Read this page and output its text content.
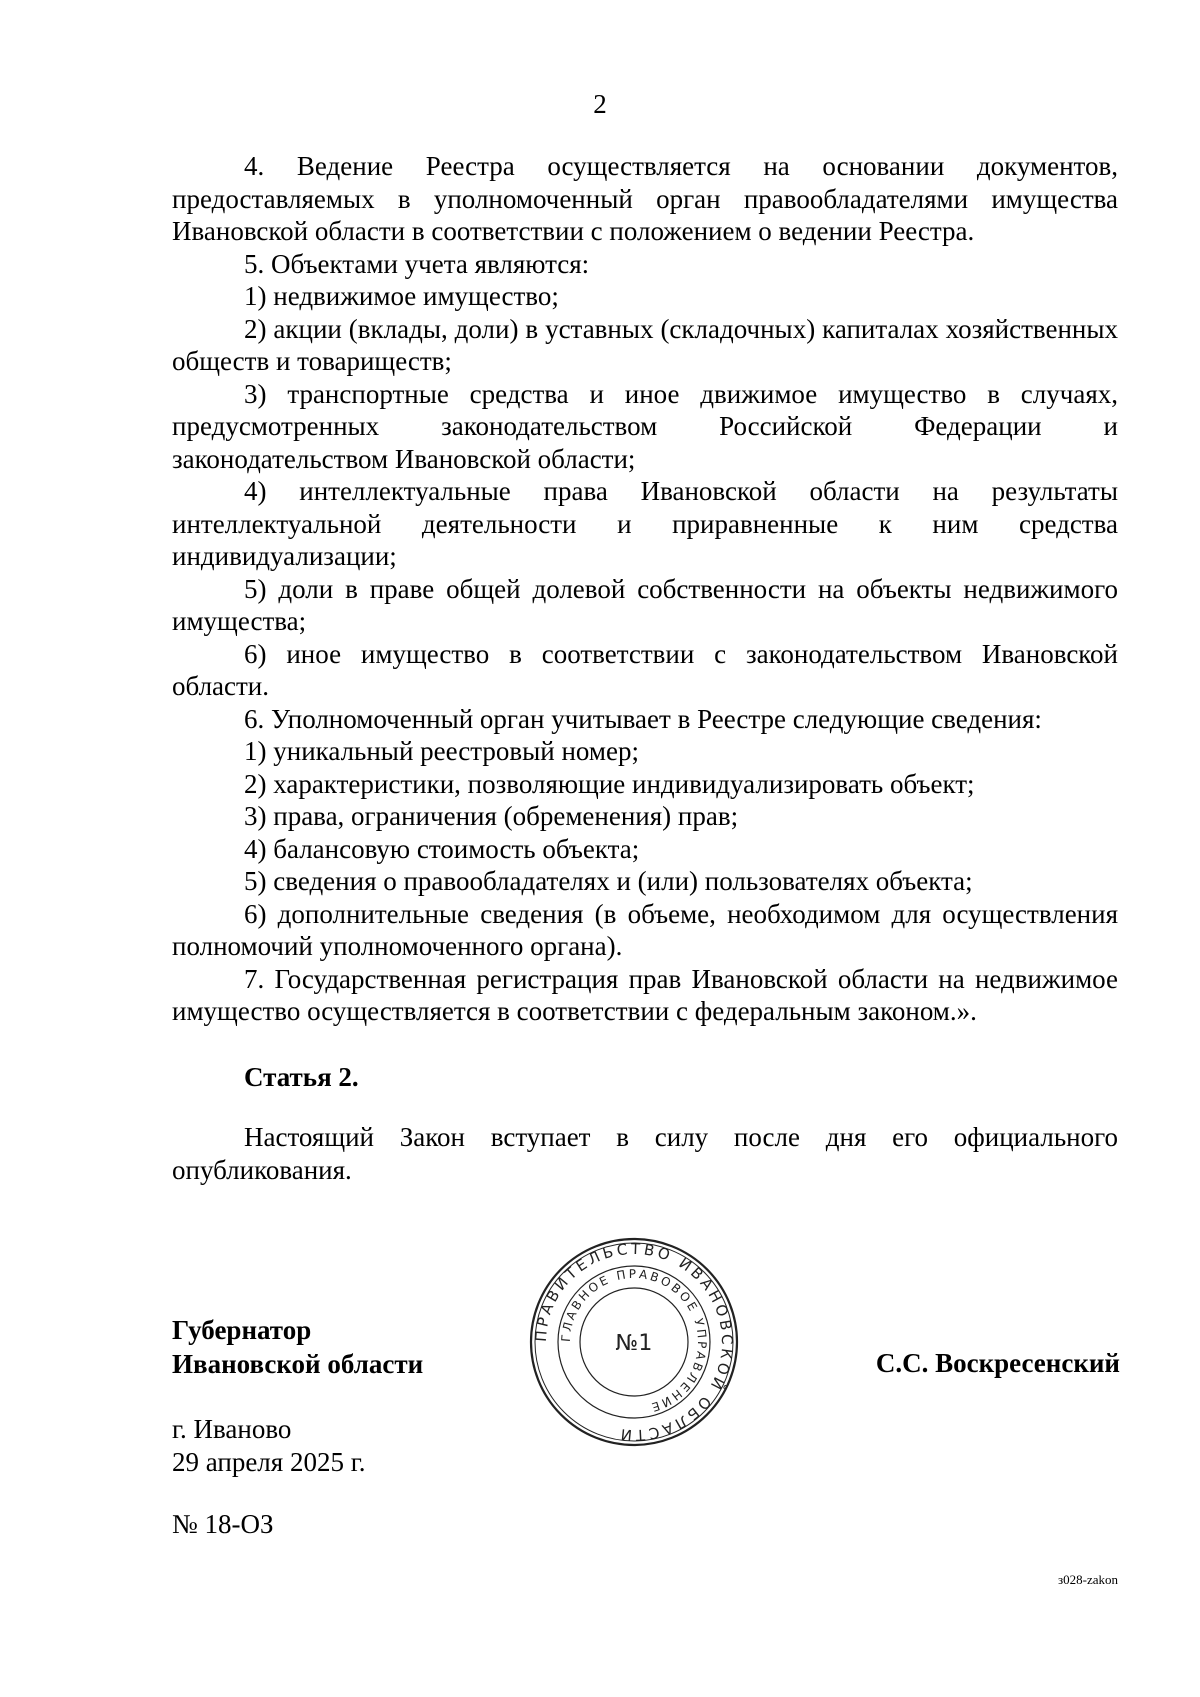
2

4. Ведение Реестра осуществляется на основании документов, предоставляемых в уполномоченный орган правообладателями имущества Ивановской области в соответствии с положением о ведении Реестра.

5. Объектами учета являются:

1) недвижимое имущество;

2) акции (вклады, доли) в уставных (складочных) капиталах хозяйственных обществ и товариществ;

3) транспортные средства и иное движимое имущество в случаях, предусмотренных законодательством Российской Федерации и законодательством Ивановской области;

4) интеллектуальные права Ивановской области на результаты интеллектуальной деятельности и приравненные к ним средства индивидуализации;

5) доли в праве общей долевой собственности на объекты недвижимого имущества;

6) иное имущество в соответствии с законодательством Ивановской области.

6. Уполномоченный орган учитывает в Реестре следующие сведения:

1) уникальный реестровый номер;

2) характеристики, позволяющие индивидуализировать объект;

3) права, ограничения (обременения) прав;

4) балансовую стоимость объекта;

5) сведения о правообладателях и (или) пользователях объекта;

6) дополнительные сведения (в объеме, необходимом для осуществления полномочий уполномоченного органа).

7. Государственная регистрация прав Ивановской области на недвижимое имущество осуществляется в соответствии с федеральным законом.».

Статья 2.

Настоящий Закон вступает в силу после дня его официального опубликования.

Губернатор
Ивановской области	С.С. Воскресенский
ПРАВИТЕЛЬСТВО ИВАНОВСКОЙ ОБЛАСТИ
ГЛАВНОЕ ПРАВОВОЕ УПРАВЛЕНИЕ
№1
г. Иваново
29 апреля 2025 г.
№ 18-ОЗ
з028-zakon
